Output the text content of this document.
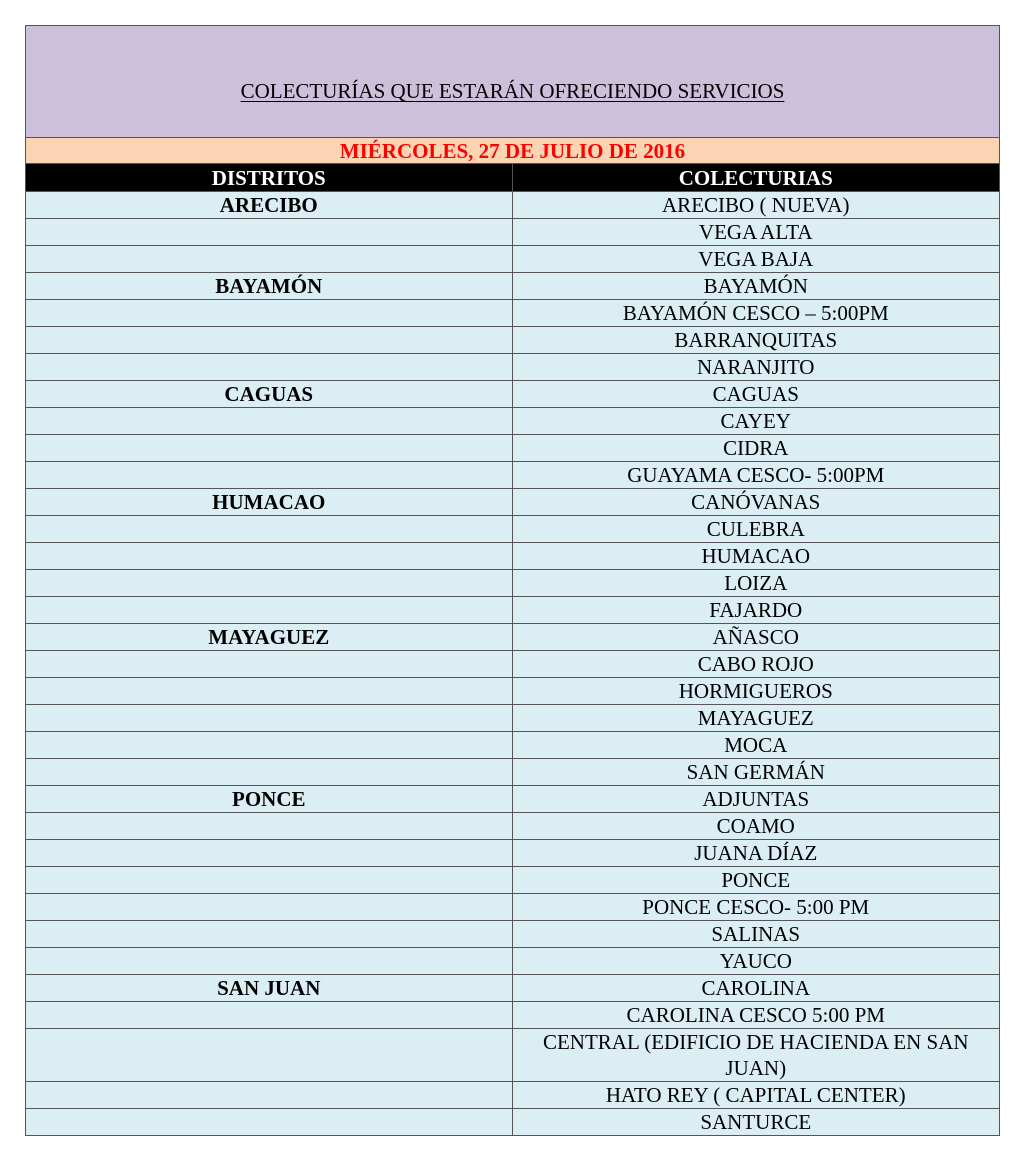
COLECTURÍAS QUE ESTARÁN OFRECIENDO SERVICIOS
MIÉRCOLES, 27 DE JULIO DE 2016
DISTRITOS	COLECTURIAS
ARECIBO	ARECIBO ( NUEVA)
	VEGA ALTA
	VEGA BAJA
BAYAMÓN	BAYAMÓN
	BAYAMÓN CESCO – 5:00PM
	BARRANQUITAS
	NARANJITO
CAGUAS	CAGUAS
	CAYEY
	CIDRA
	GUAYAMA CESCO- 5:00PM
HUMACAO	CANÓVANAS
	CULEBRA
	HUMACAO
	LOIZA
	FAJARDO
MAYAGUEZ	AÑASCO
	CABO ROJO
	HORMIGUEROS
	MAYAGUEZ
	MOCA
	SAN GERMÁN
PONCE	ADJUNTAS
	COAMO
	JUANA DÍAZ
	PONCE
	PONCE CESCO- 5:00 PM
	SALINAS
	YAUCO
SAN JUAN	CAROLINA
	CAROLINA CESCO 5:00 PM
	CENTRAL (EDIFICIO DE HACIENDA EN SAN JUAN)
	HATO REY ( CAPITAL CENTER)
	SANTURCE
